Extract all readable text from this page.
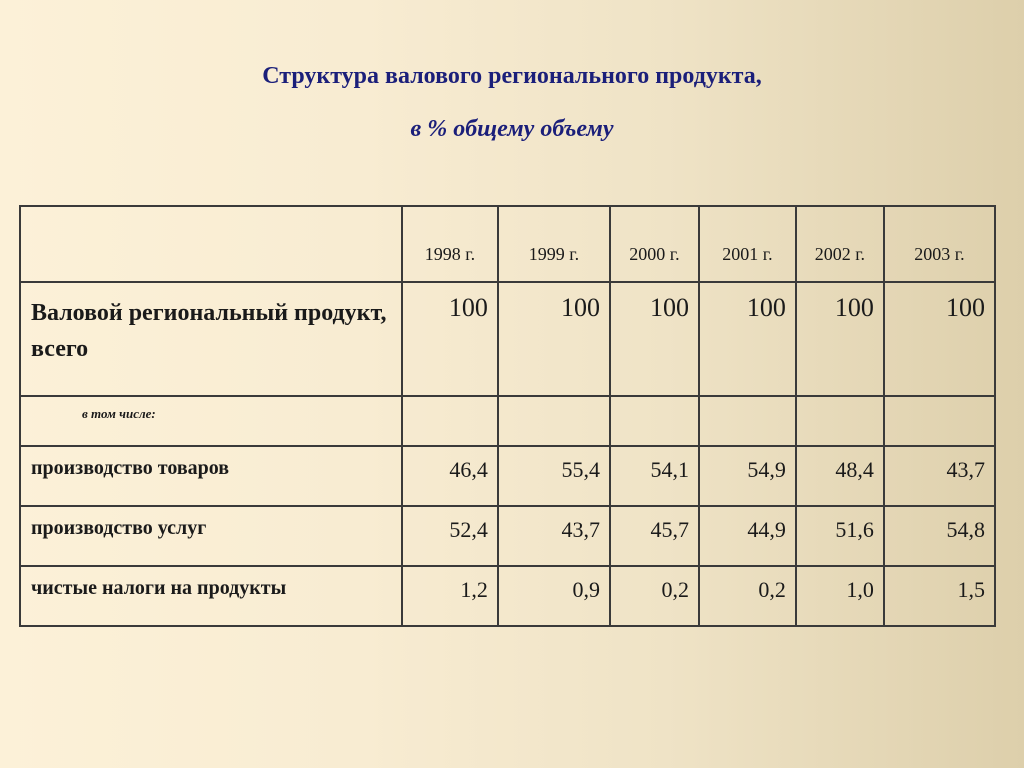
Структура валового регионального продукта,
в % общему объему

	1998 г.	1999 г.	2000 г.	2001 г.	2002 г.	2003 г.

Валовой региональный продукт, всего	100	100	100	100	100	100

в том числе:						

производство товаров	46,4	55,4	54,1	54,9	48,4	43,7

производство услуг	52,4	43,7	45,7	44,9	51,6	54,8

чистые налоги на продукты	1,2	0,9	0,2	0,2	1,0	1,5
